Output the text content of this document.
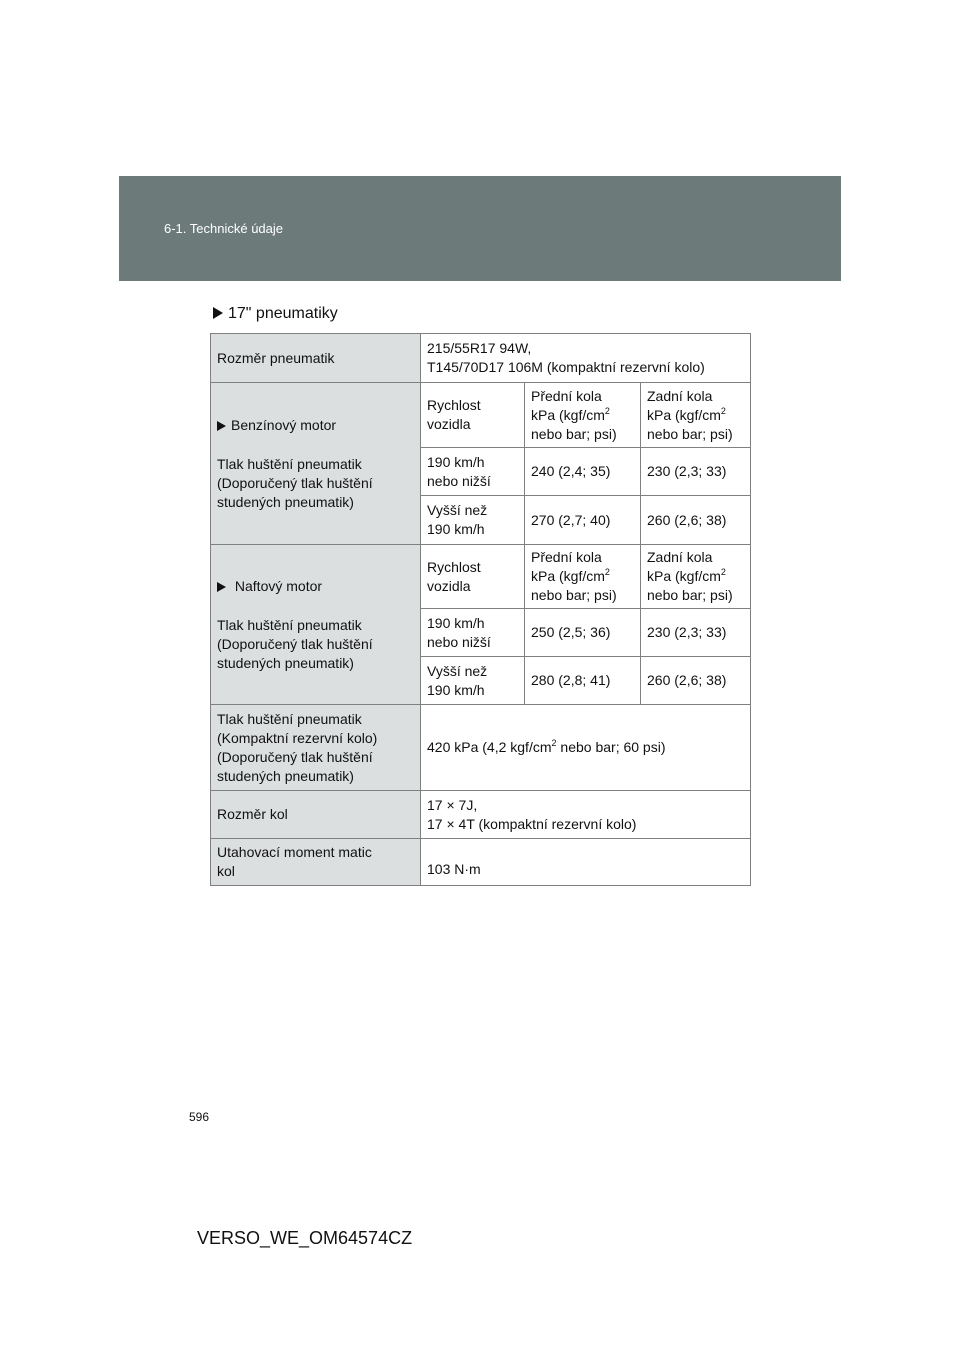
6-1. Technické údaje
17" pneumatiky
Rozměr pneumatik	215/55R17 94W,
T145/70D17 106M (kompaktní rezervní kolo)		
Benzínový motor
Tlak huštění pneumatik
(Doporučený tlak huštění
studených pneumatik)	Rychlost
vozidla	Přední kola
kPa ($kgf/cm^2$
nebo bar; psi)	Zadní kola
kPa ($kgf/cm^2$
nebo bar; psi)
	190 km/h
nebo nižší	240 (2,4; 35)	230 (2,3; 33)
	Vyšší než
190 km/h	270 (2,7; 40)	260 (2,6; 38)
Naftový motor
Tlak huštění pneumatik
(Doporučený tlak huštění
studených pneumatik)	Rychlost
vozidla	Přední kola
kPa ($kgf/cm^2$
nebo bar; psi)	Zadní kola
kPa ($kgf/cm^2$
nebo bar; psi)
	190 km/h
nebo nižší	250 (2,5; 36)	230 (2,3; 33)
	Vyšší než
190 km/h	280 (2,8; 41)	260 (2,6; 38)
Tlak huštění pneumatik
(Kompaktní rezervní kolo)
(Doporučený tlak huštění
studených pneumatik)	420 kPa (4,2 kgf/$cm^2$ nebo bar; 60 psi)		
Rozměr kol	17 × 7J,
17 × 4T (kompaktní rezervní kolo)		
Utahovací moment matic
kol	103 N·m		
596
VERSO_WE_OM64574CZ
